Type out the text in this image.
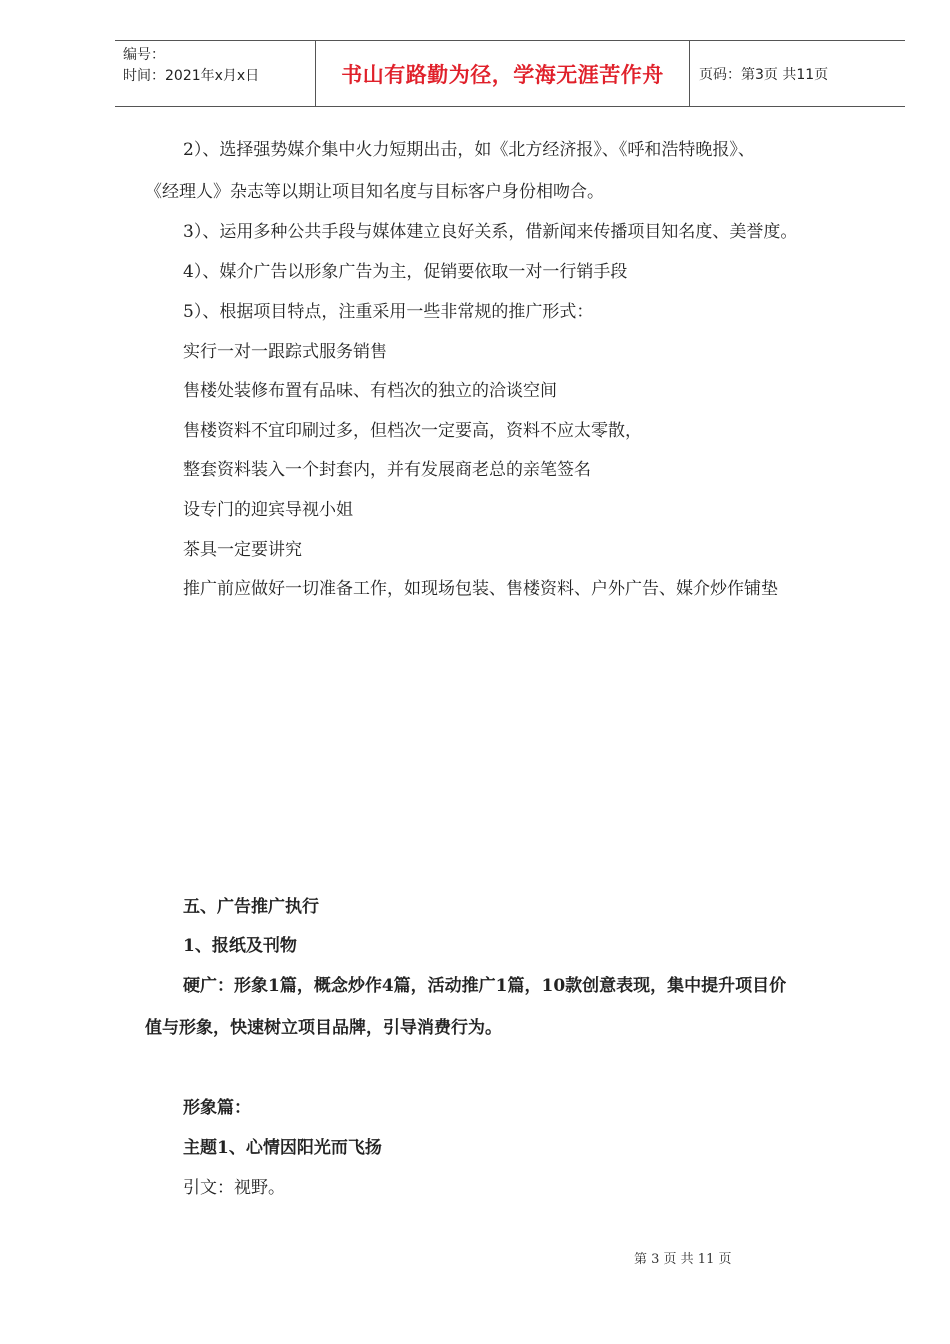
编号：
时间：2021年x月x日	书山有路勤为径，学海无涯苦作舟	页码：第3页 共11页
2）、选择强势媒介集中火力短期出击，如《北方经济报》、《呼和浩特晚报》、
《经理人》杂志等以期让项目知名度与目标客户身份相吻合。
3）、运用多种公共手段与媒体建立良好关系，借新闻来传播项目知名度、美誉度。
4）、媒介广告以形象广告为主，促销要依取一对一行销手段
5）、根据项目特点，注重采用一些非常规的推广形式：
实行一对一跟踪式服务销售
售楼处装修布置有品味、有档次的独立的洽谈空间
售楼资料不宜印刷过多，但档次一定要高，资料不应太零散，
整套资料装入一个封套内，并有发展商老总的亲笔签名
设专门的迎宾导视小姐
茶具一定要讲究
推广前应做好一切准备工作，如现场包装、售楼资料、户外广告、媒介炒作铺垫
五、广告推广执行
1、报纸及刊物
硬广：形象1篇，概念炒作4篇，活动推广1篇，10款创意表现，集中提升项目价
值与形象，快速树立项目品牌，引导消费行为。
形象篇：
主题1、心情因阳光而飞扬
引文：视野。
第 3 页 共 11 页
